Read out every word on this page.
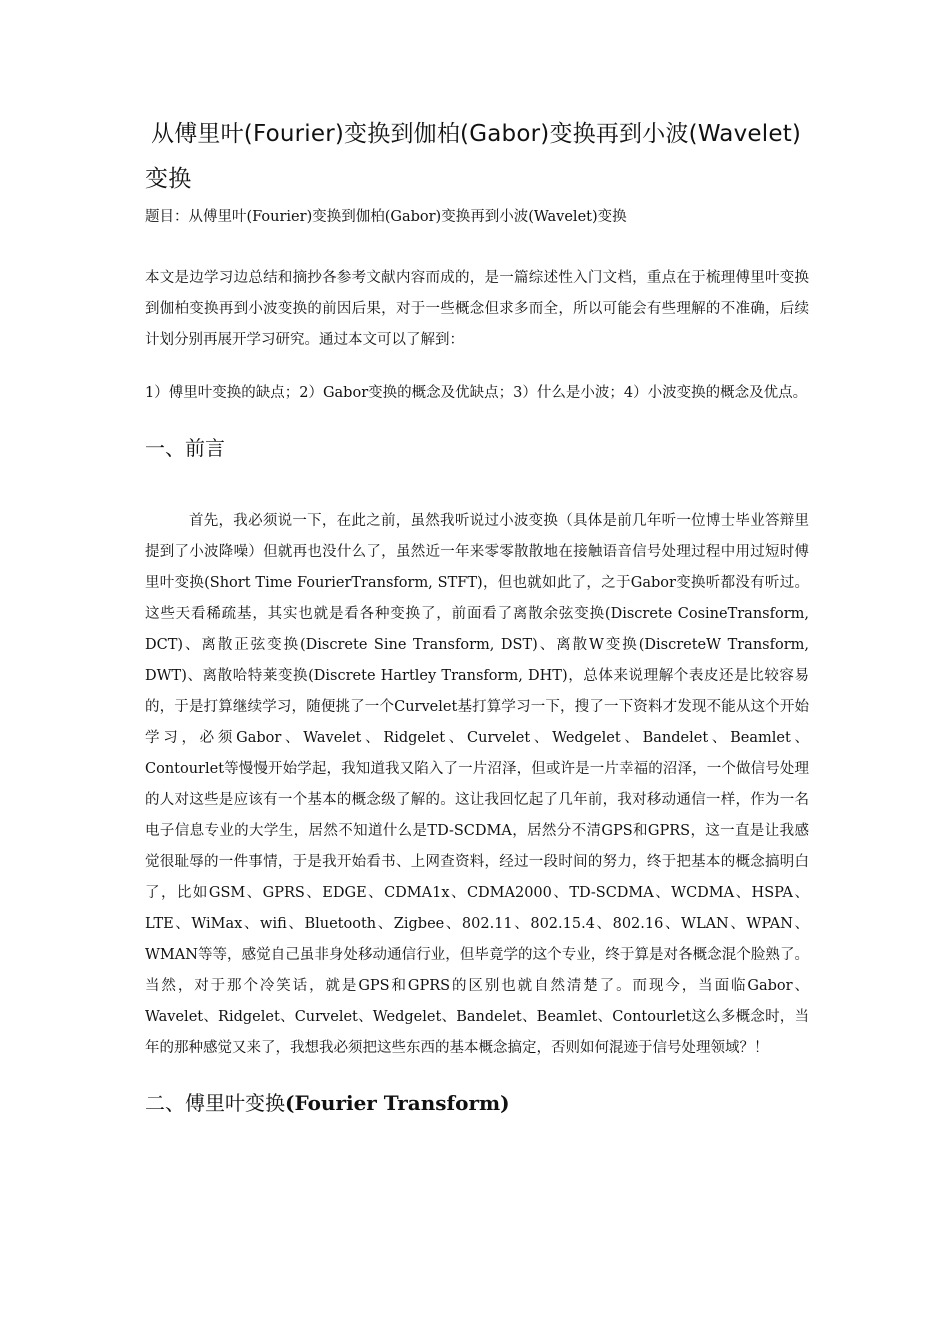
从傅里叶(Fourier)变换到伽柏(Gabor)变换再到小波(Wavelet)
变换

题目：从傅里叶(Fourier)变换到伽柏(Gabor)变换再到小波(Wavelet)变换

本文是边学习边总结和摘抄各参考文献内容而成的，是一篇综述性入门文档，重点在于梳理傅里叶变换到伽柏变换再到小波变换的前因后果，对于一些概念但求多而全，所以可能会有些理解的不准确，后续计划分别再展开学习研究。通过本文可以了解到：

1）傅里叶变换的缺点；2）Gabor变换的概念及优缺点；3）什么是小波；4）小波变换的概念及优点。

一、前言

首先，我必须说一下，在此之前，虽然我听说过小波变换（具体是前几年听一位博士毕业答辩里提到了小波降噪）但就再也没什么了，虽然近一年来零零散散地在接触语音信号处理过程中用过短时傅里叶变换(Short Time FourierTransform, STFT)，但也就如此了，之于Gabor变换听都没有听过。这些天看稀疏基，其实也就是看各种变换了，前面看了离散余弦变换(Discrete CosineTransform, DCT)、离散正弦变换(Discrete Sine Transform, DST)、离散W变换(DiscreteW Transform, DWT)、离散哈特莱变换(Discrete Hartley Transform, DHT)，总体来说理解个表皮还是比较容易的，于是打算继续学习，随便挑了一个Curvelet基打算学习一下，搜了一下资料才发现不能从这个开始学习，必须Gabor、Wavelet、Ridgelet、Curvelet、Wedgelet、Bandelet、Beamlet、Contourlet等慢慢开始学起，我知道我又陷入了一片沼泽，但或许是一片幸福的沼泽，一个做信号处理的人对这些是应该有一个基本的概念级了解的。这让我回忆起了几年前，我对移动通信一样，作为一名电子信息专业的大学生，居然不知道什么是TD-SCDMA，居然分不清GPS和GPRS，这一直是让我感觉很耻辱的一件事情，于是我开始看书、上网查资料，经过一段时间的努力，终于把基本的概念搞明白了，比如GSM、GPRS、EDGE、CDMA1x、CDMA2000、TD-SCDMA、WCDMA、HSPA、LTE、WiMax、wifi、Bluetooth、Zigbee、802.11、802.15.4、802.16、WLAN、WPAN、WMAN等等，感觉自己虽非身处移动通信行业，但毕竟学的这个专业，终于算是对各概念混个脸熟了。当然，对于那个冷笑话，就是GPS和GPRS的区别也就自然清楚了。而现今，当面临Gabor、Wavelet、Ridgelet、Curvelet、Wedgelet、Bandelet、Beamlet、Contourlet这么多概念时，当年的那种感觉又来了，我想我必须把这些东西的基本概念搞定，否则如何混迹于信号处理领域？！

二、傅里叶变换(Fourier Transform)
